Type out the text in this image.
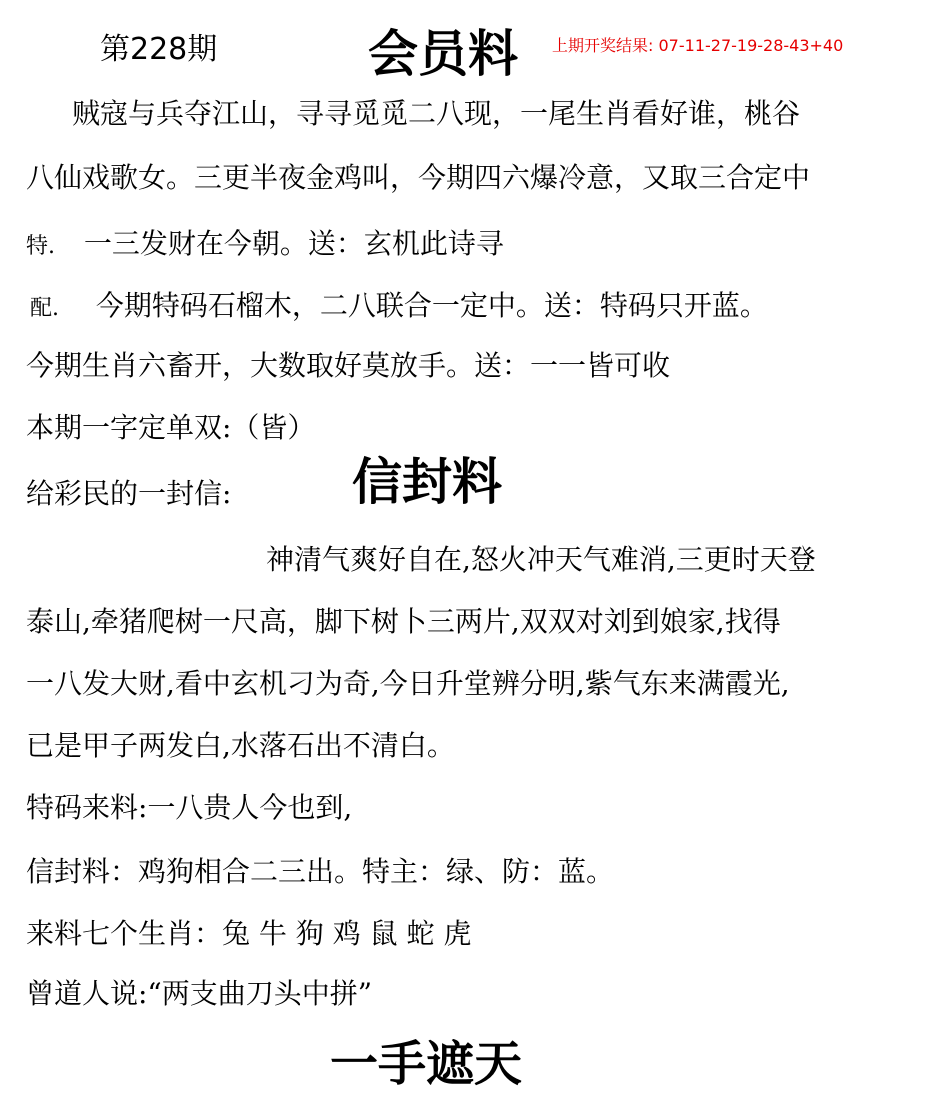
第228期	会员料 上期开奖结果: 07-11-27-19-28-43+40
贼寇与兵夺江山，寻寻觅觅二八现，一尾生肖看好谁，桃谷
八仙戏歌女。三更半夜金鸡叫，今期四六爆冷意，又取三合定中
特. 一三发财在今朝。送：玄机此诗寻
配. 今期特码石榴木，二八联合一定中。送：特码只开蓝。
今期生肖六畜开，大数取好莫放手。送：一一皆可收
本期一字定单双:（皆）
给彩民的一封信: 信封料
神清气爽好自在,怒火冲天气难消,三更时天登
泰山,牵猪爬树一尺高，脚下树卜三两片,双双对刘到娘家,找得
一八发大财,看中玄机刁为奇,今日升堂辨分明,紫气东来满霞光,
已是甲子两发白,水落石出不清白。
特码来料:一八贵人今也到,
信封料：鸡狗相合二三出。特主：绿、防：蓝。
来料七个生肖：兔 牛 狗 鸡 鼠 蛇 虎
曾道人说:“两支曲刀头中拼”
一手遮天
